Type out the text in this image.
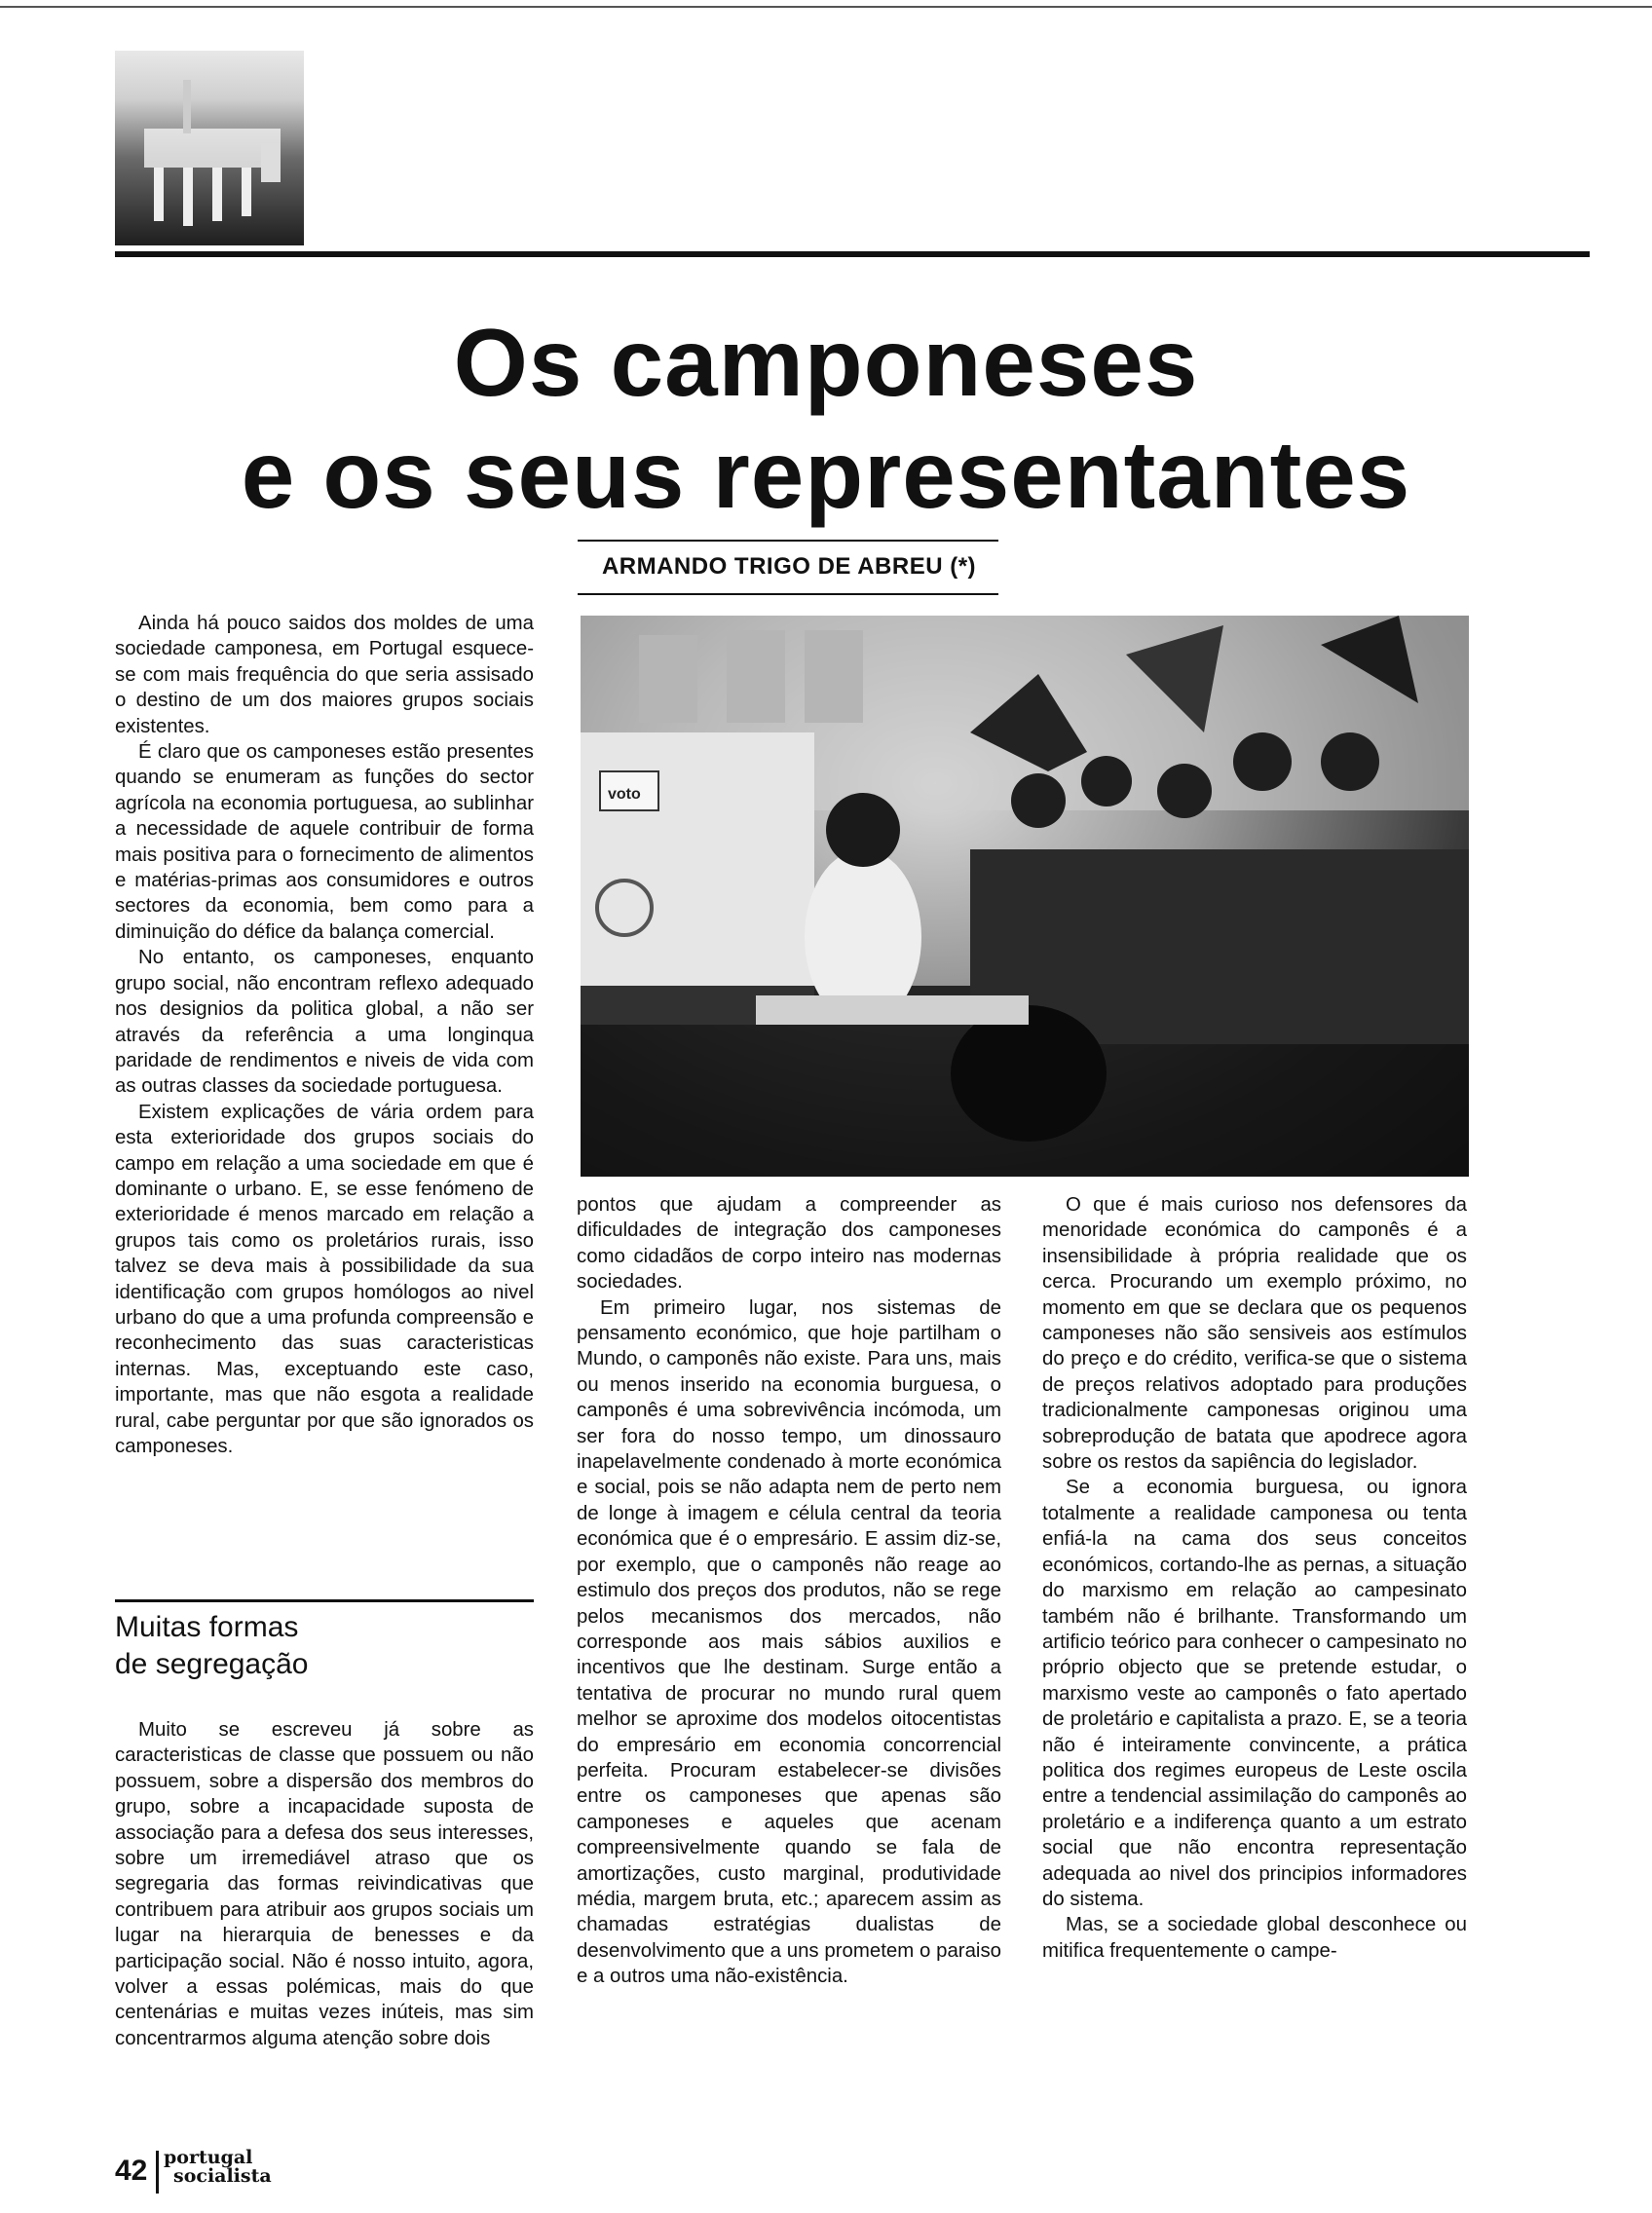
Os camponeses
e os seus representantes
ARMANDO TRIGO DE ABREU (*)

Ainda há pouco saidos dos moldes de uma sociedade camponesa, em Portugal esquece-se com mais frequência do que seria assisado o destino de um dos maiores grupos sociais existentes.

É claro que os camponeses estão presentes quando se enumeram as funções do sector agrícola na economia portuguesa, ao sublinhar a necessidade de aquele contribuir de forma mais positiva para o fornecimento de alimentos e matérias-primas aos consumidores e outros sectores da economia, bem como para a diminuição do défice da balança comercial.

No entanto, os camponeses, enquanto grupo social, não encontram reflexo adequado nos designios da politica global, a não ser através da referência a uma longinqua paridade de rendimentos e niveis de vida com as outras classes da sociedade portuguesa.

Existem explicações de vária ordem para esta exterioridade dos grupos sociais do campo em relação a uma sociedade em que é dominante o urbano. E, se esse fenómeno de exterioridade é menos marcado em relação a grupos tais como os proletários rurais, isso talvez se deva mais à possibilidade da sua identificação com grupos homólogos ao nivel urbano do que a uma profunda compreensão e reconhecimento das suas caracteristicas internas. Mas, exceptuando este caso, importante, mas que não esgota a realidade rural, cabe perguntar por que são ignorados os camponeses.

Muitas formas
de segregação

Muito se escreveu já sobre as caracteristicas de classe que possuem ou não possuem, sobre a dispersão dos membros do grupo, sobre a incapacidade suposta de associação para a defesa dos seus interesses, sobre um irremediável atraso que os segregaria das formas reivindicativas que contribuem para atribuir aos grupos sociais um lugar na hierarquia de benesses e da participação social. Não é nosso intuito, agora, volver a essas polémicas, mais do que centenárias e muitas vezes inúteis, mas sim concentrarmos alguma atenção sobre dois

voto

pontos que ajudam a compreender as dificuldades de integração dos camponeses como cidadãos de corpo inteiro nas modernas sociedades.

Em primeiro lugar, nos sistemas de pensamento económico, que hoje partilham o Mundo, o camponês não existe. Para uns, mais ou menos inserido na economia burguesa, o camponês é uma sobrevivência incómoda, um ser fora do nosso tempo, um dinossauro inapelavelmente condenado à morte económica e social, pois se não adapta nem de perto nem de longe à imagem e célula central da teoria económica que é o empresário. E assim diz-se, por exemplo, que o camponês não reage ao estimulo dos preços dos produtos, não se rege pelos mecanismos dos mercados, não corresponde aos mais sábios auxilios e incentivos que lhe destinam. Surge então a tentativa de procurar no mundo rural quem melhor se aproxime dos modelos oitocentistas do empresário em economia concorrencial perfeita. Procuram estabelecer-se divisões entre os camponeses que apenas são camponeses e aqueles que acenam compreensivelmente quando se fala de amortizações, custo marginal, produtividade média, margem bruta, etc.; aparecem assim as chamadas estratégias dualistas de desenvolvimento que a uns prometem o paraiso e a outros uma não-existência.

O que é mais curioso nos defensores da menoridade económica do camponês é a insensibilidade à própria realidade que os cerca. Procurando um exemplo próximo, no momento em que se declara que os pequenos camponeses não são sensiveis aos estímulos do preço e do crédito, verifica-se que o sistema de preços relativos adoptado para produções tradicionalmente camponesas originou uma sobreprodução de batata que apodrece agora sobre os restos da sapiência do legislador.

Se a economia burguesa, ou ignora totalmente a realidade camponesa ou tenta enfiá-la na cama dos seus conceitos económicos, cortando-lhe as pernas, a situação do marxismo em relação ao campesinato também não é brilhante. Transformando um artificio teórico para conhecer o campesinato no próprio objecto que se pretende estudar, o marxismo veste ao camponês o fato apertado de proletário e capitalista a prazo. E, se a teoria não é inteiramente convincente, a prática politica dos regimes europeus de Leste oscila entre a tendencial assimilação do camponês ao proletário e a indiferença quanto a um estrato social que não encontra representação adequada ao nivel dos principios informadores do sistema.

Mas, se a sociedade global desconhece ou mitifica frequentemente o campe-

42 portugal
socialista
